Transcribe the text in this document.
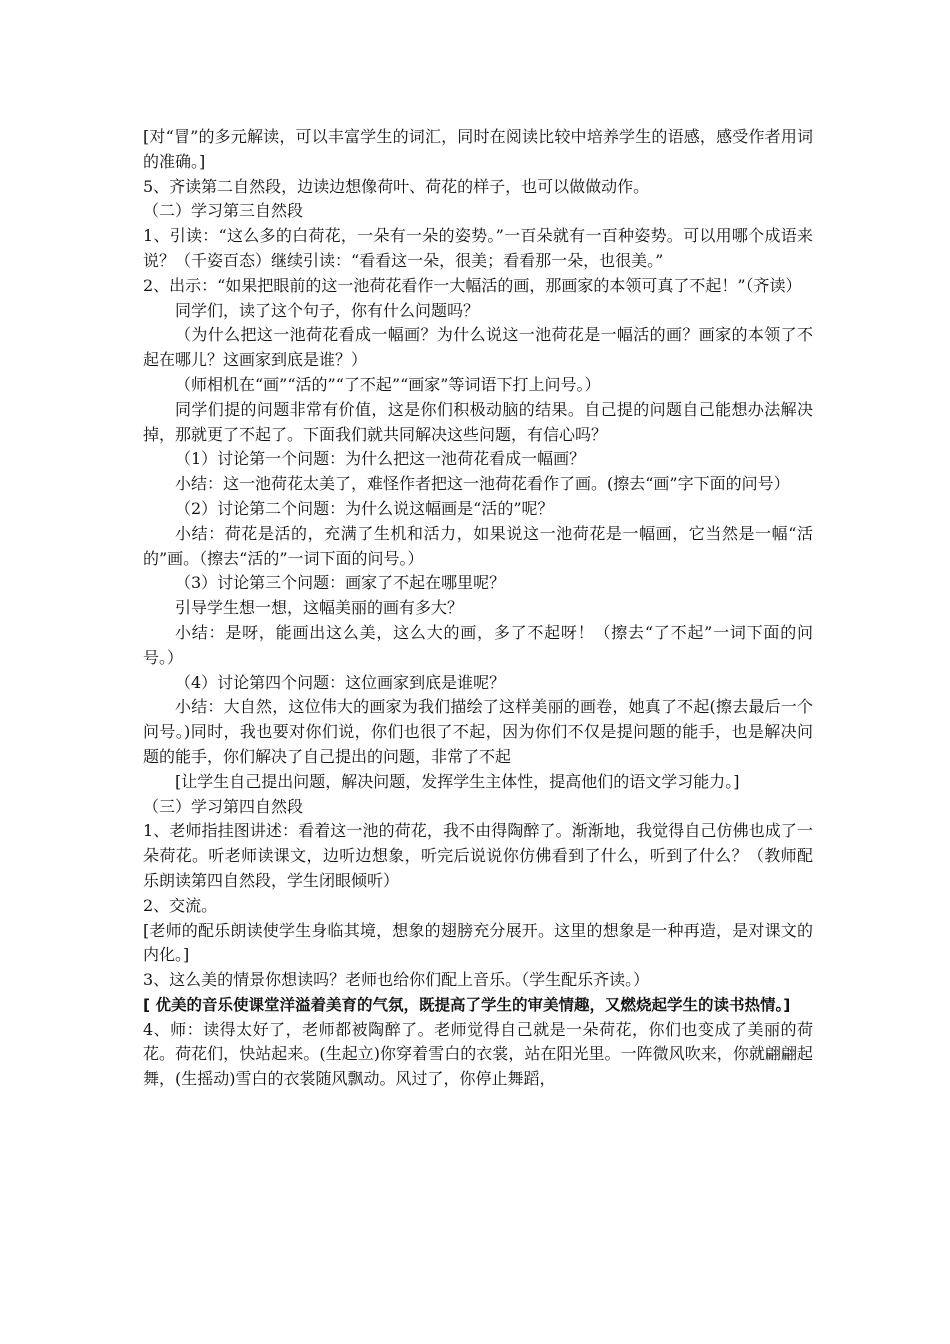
[对“冒”的多元解读，可以丰富学生的词汇，同时在阅读比较中培养学生的语感，感受作者用词的准确。]

5、齐读第二自然段，边读边想像荷叶、荷花的样子，也可以做做动作。

（二）学习第三自然段

1、引读：“这么多的白荷花，一朵有一朵的姿势。”一百朵就有一百种姿势。可以用哪个成语来说？（千姿百态）继续引读：“看看这一朵，很美；看看那一朵，也很美。”

2、出示：“如果把眼前的这一池荷花看作一大幅活的画，那画家的本领可真了不起！”（齐读）

同学们，读了这个句子，你有什么问题吗？

（为什么把这一池荷花看成一幅画？为什么说这一池荷花是一幅活的画？画家的本领了不起在哪儿？这画家到底是谁？）

（师相机在“画”“活的”“了不起”“画家”等词语下打上问号。）

同学们提的问题非常有价值，这是你们积极动脑的结果。自己提的问题自己能想办法解决掉，那就更了不起了。下面我们就共同解决这些问题，有信心吗？

（1）讨论第一个问题：为什么把这一池荷花看成一幅画？

小结：这一池荷花太美了，难怪作者把这一池荷花看作了画。(擦去“画”字下面的问号）

（2）讨论第二个问题：为什么说这幅画是“活的”呢？

小结：荷花是活的，充满了生机和活力，如果说这一池荷花是一幅画，它当然是一幅“活的”画。（擦去“活的”一词下面的问号。）

（3）讨论第三个问题：画家了不起在哪里呢？

引导学生想一想，这幅美丽的画有多大？

小结：是呀，能画出这么美，这么大的画，多了不起呀！（擦去“了不起”一词下面的问号。）

（4）讨论第四个问题：这位画家到底是谁呢？

小结：大自然，这位伟大的画家为我们描绘了这样美丽的画卷，她真了不起(擦去最后一个问号。)同时，我也要对你们说，你们也很了不起，因为你们不仅是提问题的能手，也是解决问题的能手，你们解决了自己提出的问题，非常了不起

[让学生自己提出问题，解决问题，发挥学生主体性，提高他们的语文学习能力。]

（三）学习第四自然段

1、老师指挂图讲述：看着这一池的荷花，我不由得陶醉了。渐渐地，我觉得自己仿佛也成了一朵荷花。听老师读课文，边听边想象，听完后说说你仿佛看到了什么，听到了什么？（教师配乐朗读第四自然段，学生闭眼倾听）

2、交流。

[老师的配乐朗读使学生身临其境，想象的翅膀充分展开。这里的想象是一种再造，是对课文的内化。]

3、这么美的情景你想读吗？老师也给你们配上音乐。（学生配乐齐读。）

[ 优美的音乐使课堂洋溢着美育的气氛，既提高了学生的审美情趣，又燃烧起学生的读书热情。]

4、师：读得太好了，老师都被陶醉了。老师觉得自己就是一朵荷花，你们也变成了美丽的荷花。荷花们，快站起来。(生起立)你穿着雪白的衣裳，站在阳光里。一阵微风吹来，你就翩翩起舞，(生摇动)雪白的衣裳随风飘动。风过了，你停止舞蹈，
